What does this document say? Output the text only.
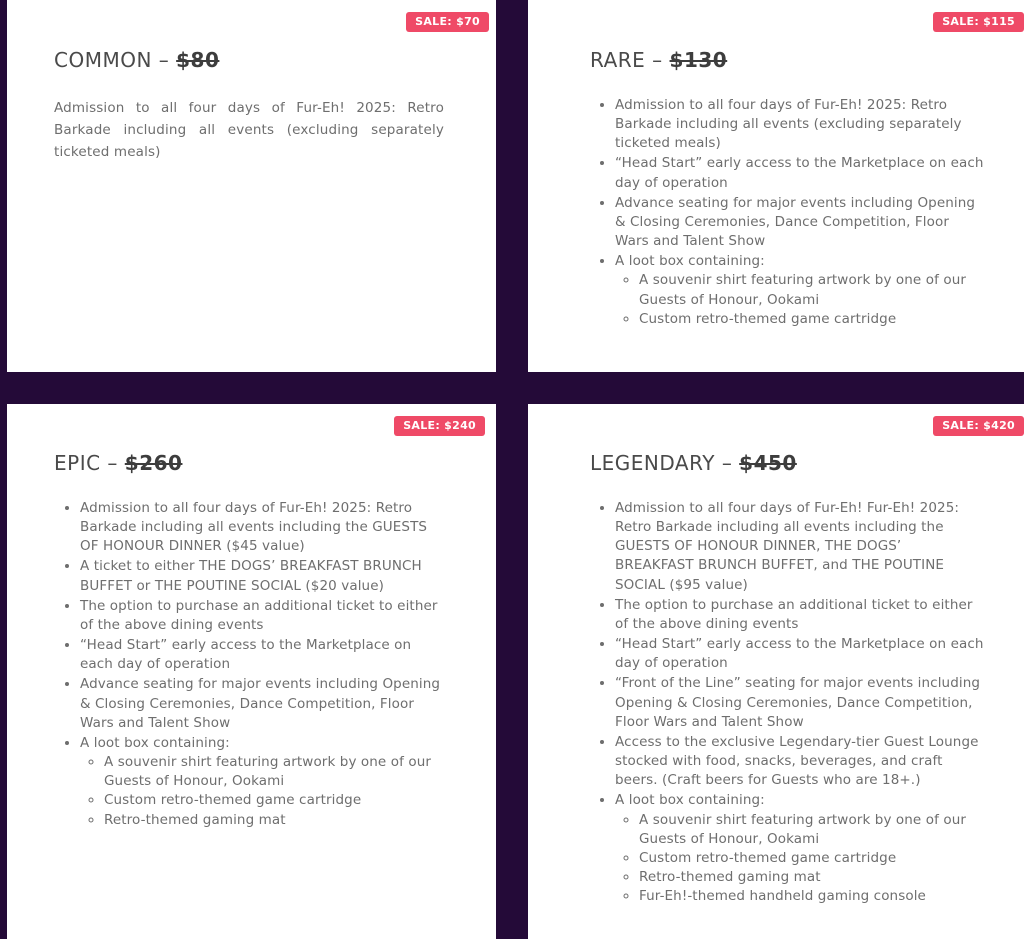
SALE: $70
COMMON – $80
Admission to all four days of Fur-Eh! 2025: Retro Barkade including all events (excluding separately ticketed meals)
SALE: $115
RARE – $130
• Admission to all four days of Fur-Eh! 2025: Retro Barkade including all events (excluding separately ticketed meals)
• “Head Start” early access to the Marketplace on each day of operation
• Advance seating for major events including Opening & Closing Ceremonies, Dance Competition, Floor Wars and Talent Show
• A loot box containing:
◦ A souvenir shirt featuring artwork by one of our Guests of Honour, Ookami
◦ Custom retro-themed game cartridge
SALE: $240
EPIC – $260
• Admission to all four days of Fur-Eh! 2025: Retro Barkade including all events including the GUESTS OF HONOUR DINNER ($45 value)
• A ticket to either THE DOGS’ BREAKFAST BRUNCH BUFFET or THE POUTINE SOCIAL ($20 value)
• The option to purchase an additional ticket to either of the above dining events
• “Head Start” early access to the Marketplace on each day of operation
• Advance seating for major events including Opening & Closing Ceremonies, Dance Competition, Floor Wars and Talent Show
• A loot box containing:
◦ A souvenir shirt featuring artwork by one of our Guests of Honour, Ookami
◦ Custom retro-themed game cartridge
◦ Retro-themed gaming mat
SALE: $420
LEGENDARY – $450
• Admission to all four days of Fur-Eh! Fur-Eh! 2025: Retro Barkade including all events including the GUESTS OF HONOUR DINNER, THE DOGS’ BREAKFAST BRUNCH BUFFET, and THE POUTINE SOCIAL ($95 value)
• The option to purchase an additional ticket to either of the above dining events
• “Head Start” early access to the Marketplace on each day of operation
• “Front of the Line” seating for major events including Opening & Closing Ceremonies, Dance Competition, Floor Wars and Talent Show
• Access to the exclusive Legendary-tier Guest Lounge stocked with food, snacks, beverages, and craft beers. (Craft beers for Guests who are 18+.)
• A loot box containing:
◦ A souvenir shirt featuring artwork by one of our Guests of Honour, Ookami
◦ Custom retro-themed game cartridge
◦ Retro-themed gaming mat
◦ Fur-Eh!-themed handheld gaming console
